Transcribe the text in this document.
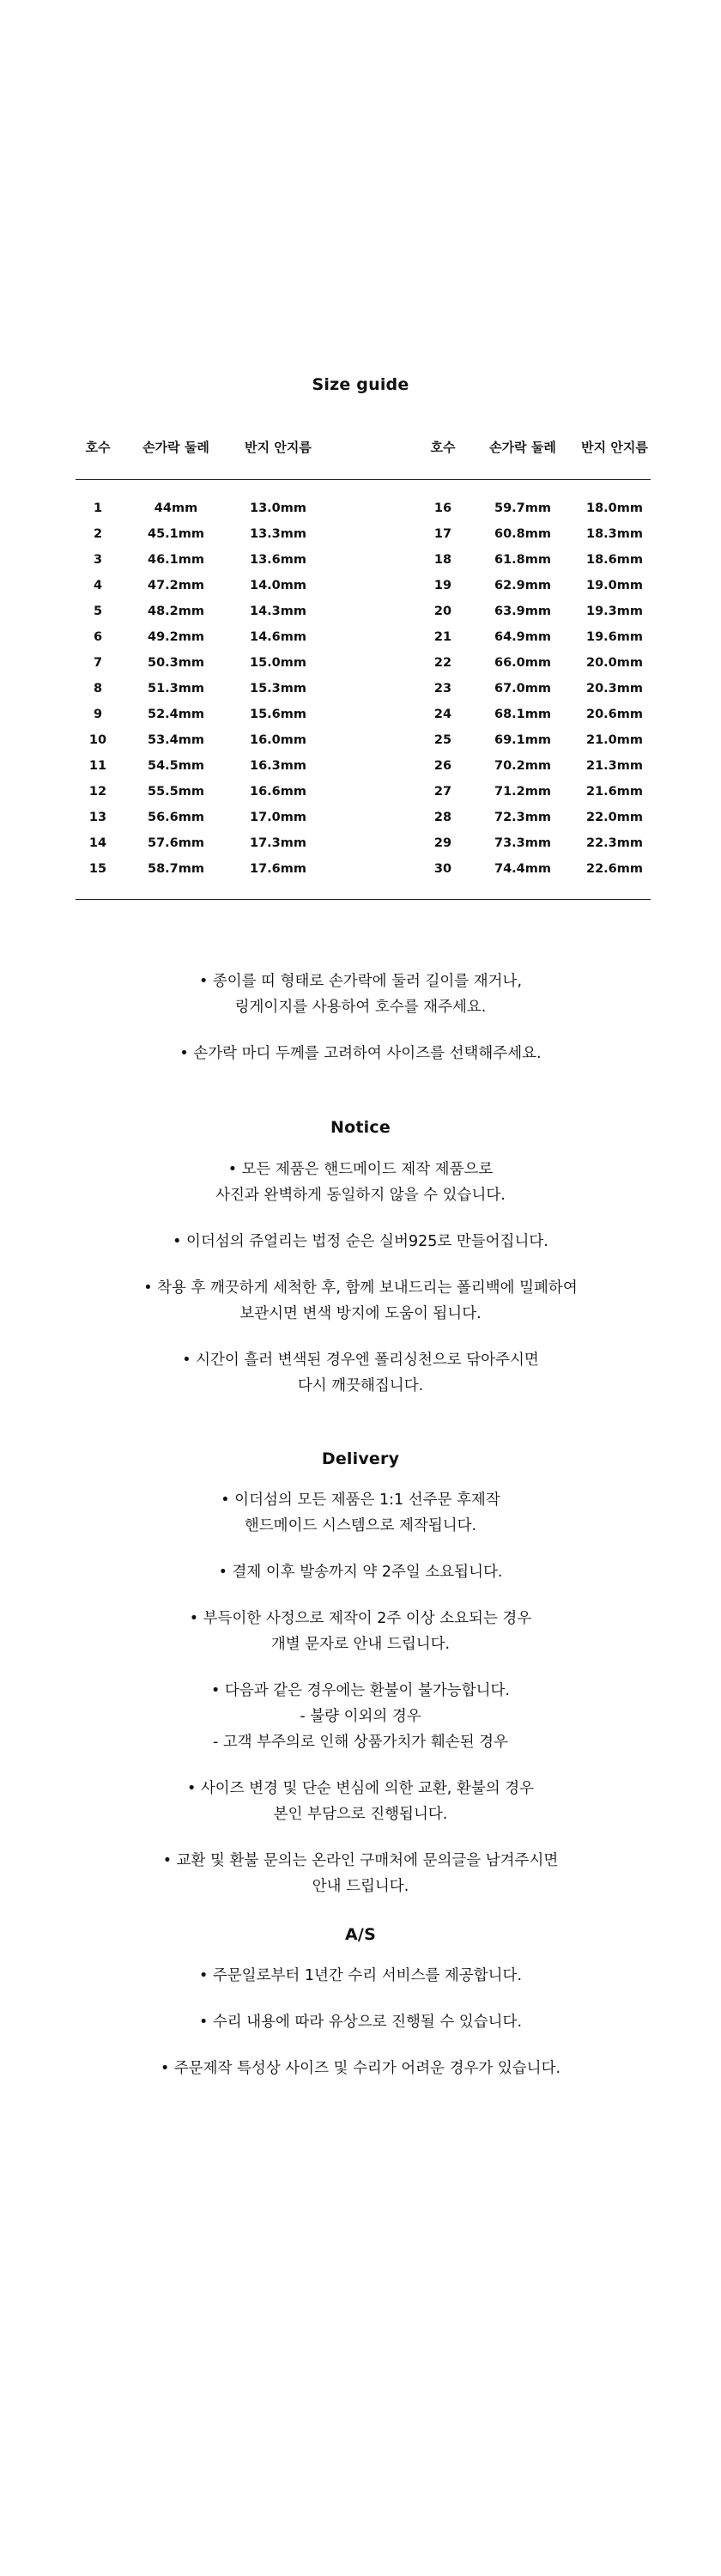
Size guide
호수	손가락 둘레	반지 안지름	호수	손가락 둘레	반지 안지름
1	44mm	13.0mm	16	59.7mm	18.0mm
2	45.1mm	13.3mm	17	60.8mm	18.3mm
3	46.1mm	13.6mm	18	61.8mm	18.6mm
4	47.2mm	14.0mm	19	62.9mm	19.0mm
5	48.2mm	14.3mm	20	63.9mm	19.3mm
6	49.2mm	14.6mm	21	64.9mm	19.6mm
7	50.3mm	15.0mm	22	66.0mm	20.0mm
8	51.3mm	15.3mm	23	67.0mm	20.3mm
9	52.4mm	15.6mm	24	68.1mm	20.6mm
10	53.4mm	16.0mm	25	69.1mm	21.0mm
11	54.5mm	16.3mm	26	70.2mm	21.3mm
12	55.5mm	16.6mm	27	71.2mm	21.6mm
13	56.6mm	17.0mm	28	72.3mm	22.0mm
14	57.6mm	17.3mm	29	73.3mm	22.3mm
15	58.7mm	17.6mm	30	74.4mm	22.6mm
• 종이를 띠 형태로 손가락에 둘러 길이를 재거나,
링게이지를 사용하여 호수를 재주세요.
• 손가락 마디 두께를 고려하여 사이즈를 선택해주세요.
Notice
• 모든 제품은 핸드메이드 제작 제품으로
사진과 완벽하게 동일하지 않을 수 있습니다.
• 이더섬의 쥬얼리는 법정 순은 실버925로 만들어집니다.
• 착용 후 깨끗하게 세척한 후, 함께 보내드리는 폴리백에 밀폐하여
보관시면 변색 방지에 도움이 됩니다.
• 시간이 흘러 변색된 경우엔 폴리싱천으로 닦아주시면
다시 깨끗해집니다.
Delivery
• 이더섬의 모든 제품은 1:1 선주문 후제작
핸드메이드 시스템으로 제작됩니다.
• 결제 이후 발송까지 약 2주일 소요됩니다.
• 부득이한 사정으로 제작이 2주 이상 소요되는 경우
개별 문자로 안내 드립니다.
• 다음과 같은 경우에는 환불이 불가능합니다.
- 불량 이외의 경우
- 고객 부주의로 인해 상품가치가 훼손된 경우
• 사이즈 변경 및 단순 변심에 의한 교환, 환불의 경우
본인 부담으로 진행됩니다.
• 교환 및 환불 문의는 온라인 구매처에 문의글을 남겨주시면
안내 드립니다.
A/S
• 주문일로부터 1년간 수리 서비스를 제공합니다.
• 수리 내용에 따라 유상으로 진행될 수 있습니다.
• 주문제작 특성상 사이즈 및 수리가 어려운 경우가 있습니다.
